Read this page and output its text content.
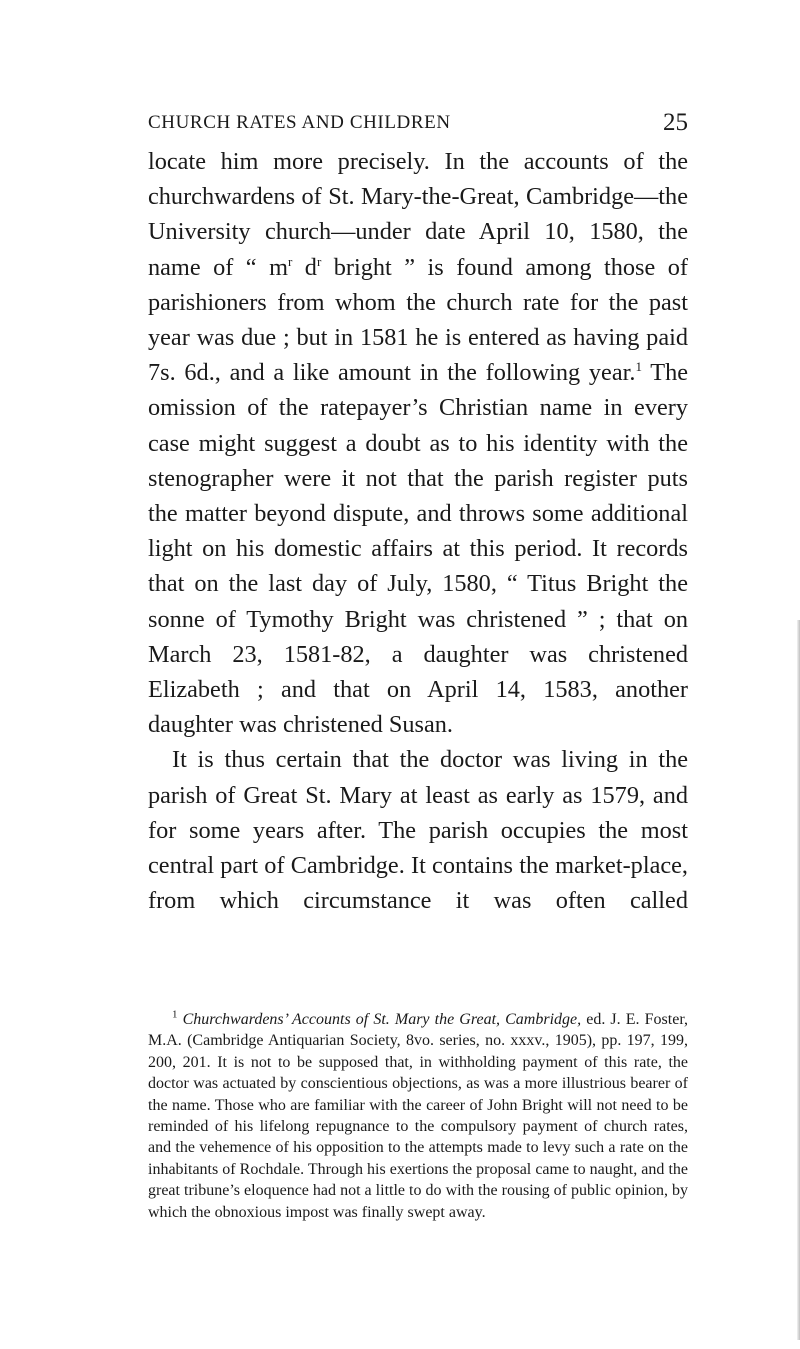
CHURCH RATES AND CHILDREN	25

locate him more precisely. In the accounts of the churchwardens of St. Mary-the-Great, Cambridge—the University church—under date April 10, 1580, the name of “ $m^r$ $d^r$ bright ” is found among those of parishioners from whom the church rate for the past year was due ; but in 1581 he is entered as having paid 7s. 6d., and a like amount in the following year.$^1$ The omission of the ratepayer’s Christian name in every case might suggest a doubt as to his identity with the stenographer were it not that the parish register puts the matter beyond dispute, and throws some additional light on his domestic affairs at this period. It records that on the last day of July, 1580, “ Titus Bright the sonne of Tymothy Bright was christened ” ; that on March 23, 1581-82, a daughter was christened Elizabeth ; and that on April 14, 1583, another daughter was christened Susan.

It is thus certain that the doctor was living in the parish of Great St. Mary at least as early as 1579, and for some years after. The parish occupies the most central part of Cambridge. It contains the market-place, from which circumstance it was often called

$^1$ Churchwardens’ Accounts of St. Mary the Great, Cambridge, ed. J. E. Foster, M.A. (Cambridge Antiquarian Society, 8vo. series, no. xxxv., 1905), pp. 197, 199, 200, 201. It is not to be supposed that, in withholding payment of this rate, the doctor was actuated by conscientious objections, as was a more illustrious bearer of the name. Those who are familiar with the career of John Bright will not need to be reminded of his lifelong repugnance to the compulsory payment of church rates, and the vehemence of his opposition to the attempts made to levy such a rate on the inhabitants of Rochdale. Through his exertions the proposal came to naught, and the great tribune’s eloquence had not a little to do with the rousing of public opinion, by which the obnoxious impost was finally swept away.
